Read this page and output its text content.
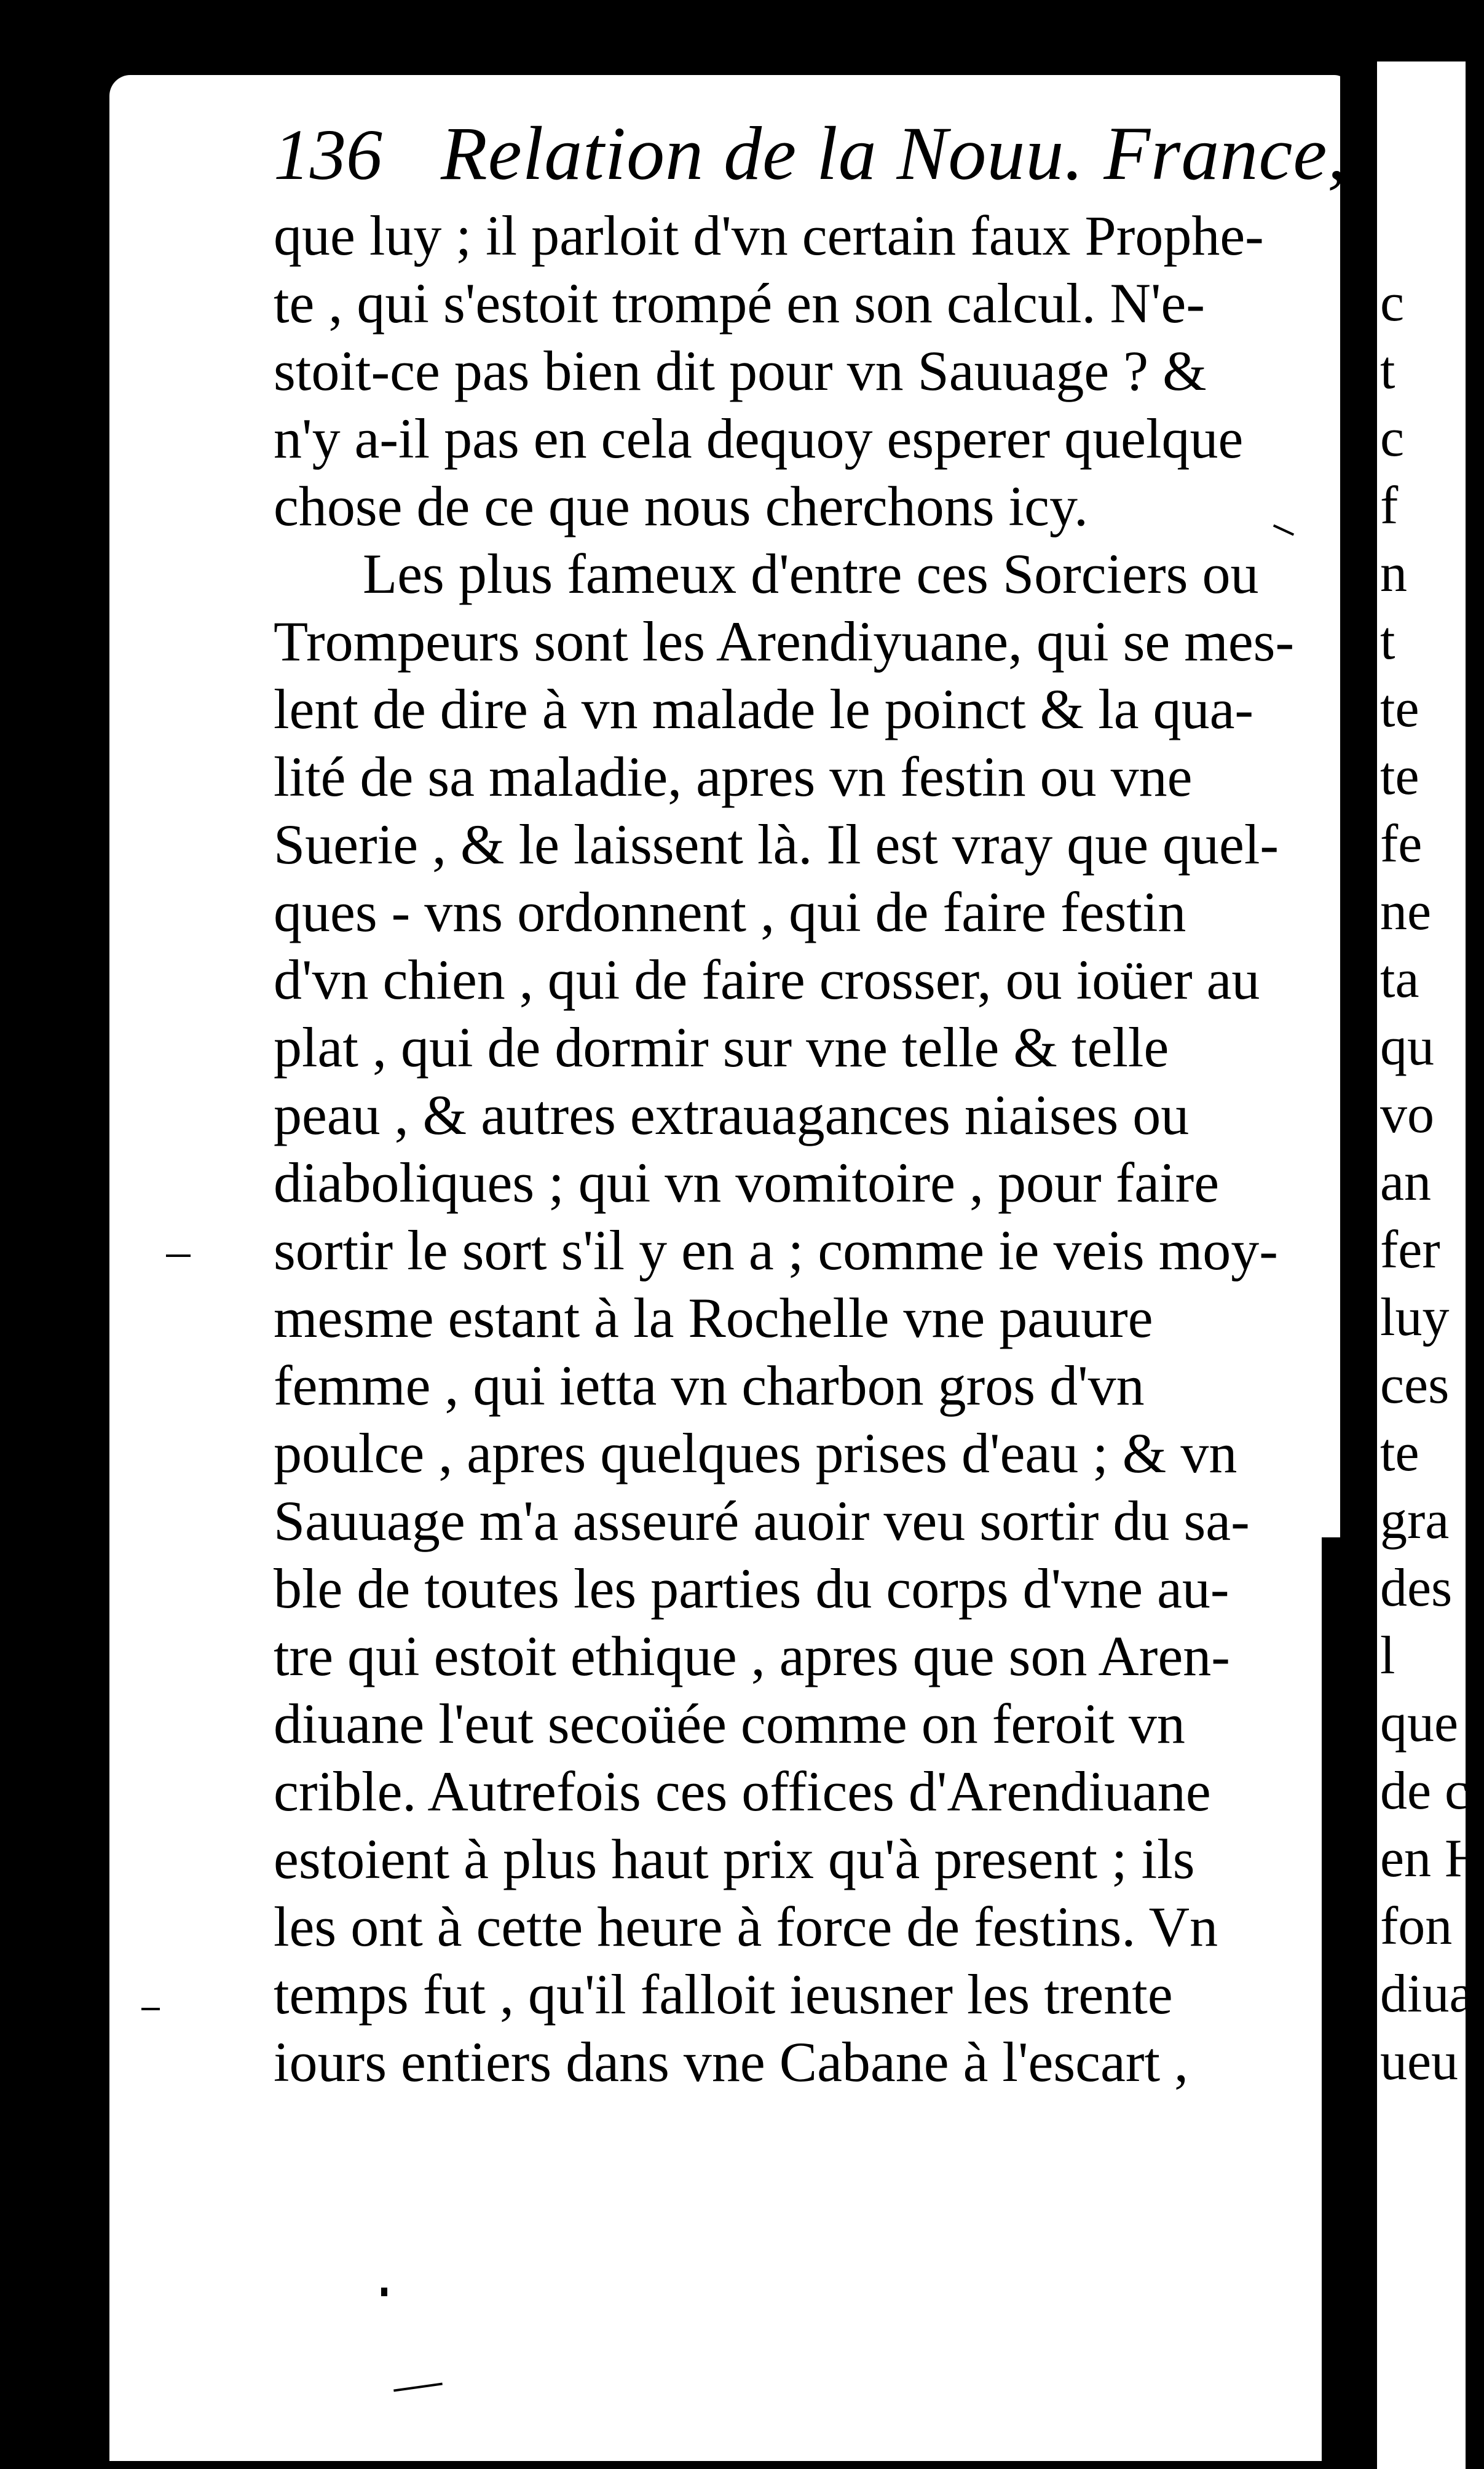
136 Relation de la Nouu. France,
que luy ; il parloit d'vn certain faux Prophe-
te , qui s'estoit trompé en son calcul. N'e-
stoit-ce pas bien dit pour vn Sauuage ? &
n'y a-il pas en cela dequoy esperer quelque
chose de ce que nous cherchons icy.
Les plus fameux d'entre ces Sorciers ou
Trompeurs sont les Arendiyuane, qui se mes-
lent de dire à vn malade le poinct & la qua-
lité de sa maladie, apres vn festin ou vne
Suerie , & le laissent là. Il est vray que quel-
ques - vns ordonnent , qui de faire festin
d'vn chien , qui de faire crosser, ou ioüer au
plat , qui de dormir sur vne telle & telle
peau , & autres extrauagances niaises ou
diaboliques ; qui vn vomitoire , pour faire
sortir le sort s'il y en a ; comme ie veis moy-
mesme estant à la Rochelle vne pauure
femme , qui ietta vn charbon gros d'vn
poulce , apres quelques prises d'eau ; & vn
Sauuage m'a asseuré auoir veu sortir du sa-
ble de toutes les parties du corps d'vne au-
tre qui estoit ethique , apres que son Aren-
diuane l'eut secoüée comme on feroit vn
crible. Autrefois ces offices d'Arendiuane
estoient à plus haut prix qu'à present ; ils
les ont à cette heure à force de festins. Vn
temps fut , qu'il falloit ieusner les trente
iours entiers dans vne Cabane à l'escart ,
c
t
c
f
n
t
te
te
fe
ne
ta
qu
vo
an
fer
luy
ces
te
gra
des
l
que
de c
en H
fon
diua
ueu
